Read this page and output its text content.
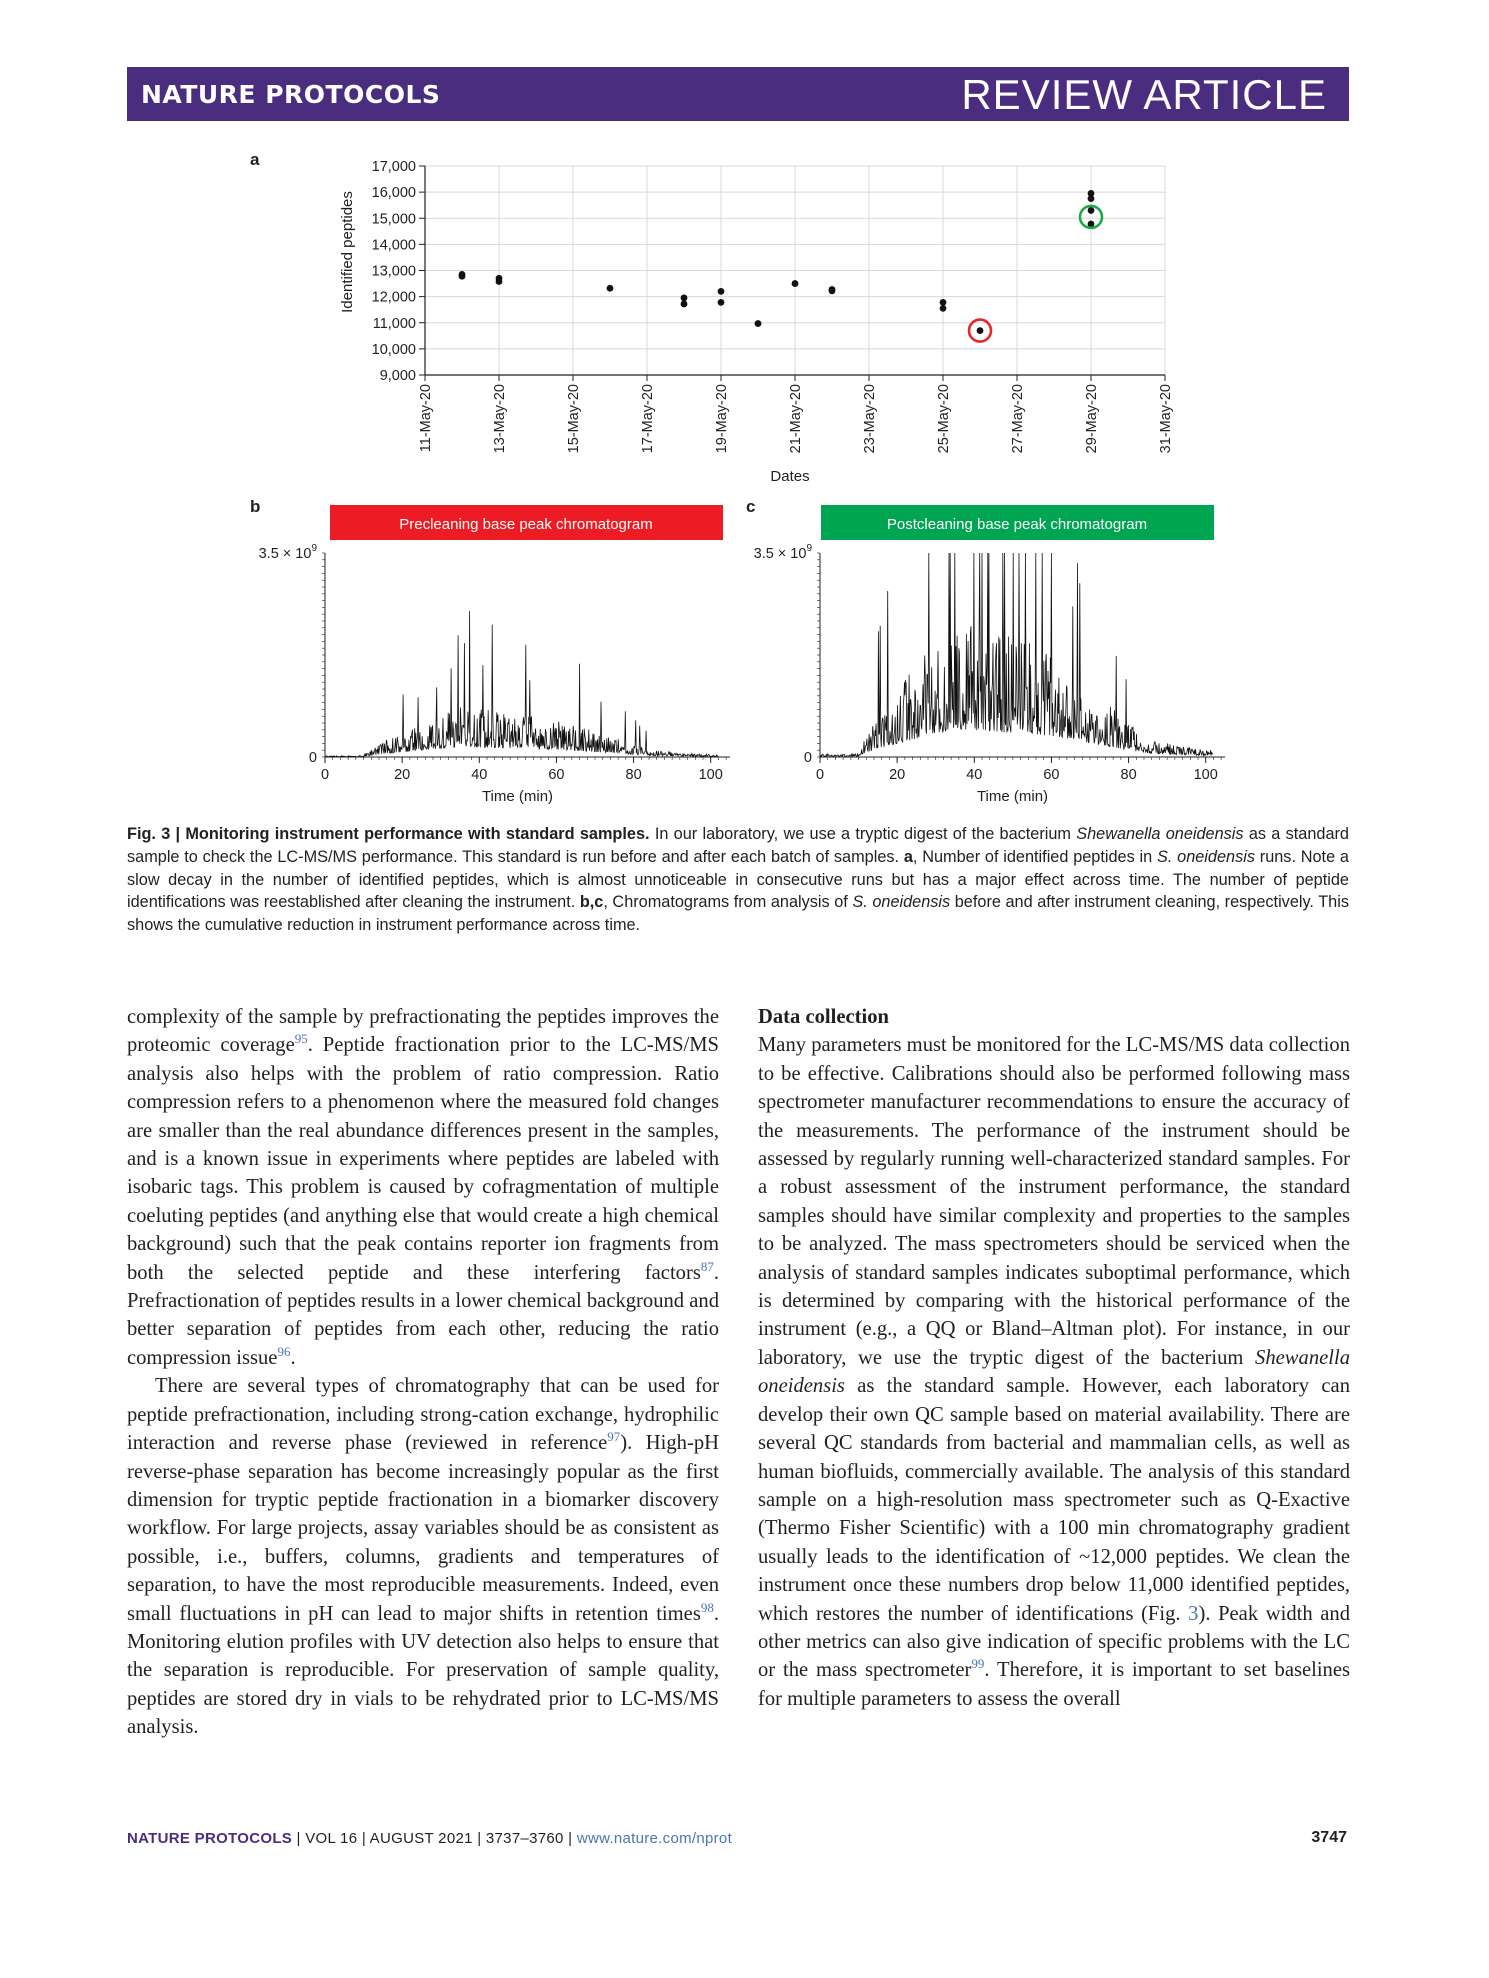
NATURE PROTOCOLS	REVIEW ARTICLE
a
b	c
9,000
10,000
11,000
12,000
13,000
14,000
15,000
16,000
17,000
11-May-20	13-May-20	15-May-20	17-May-20	19-May-20	21-May-20	23-May-20	25-May-20	27-May-20	29-May-20	31-May-20
Identified peptides
Dates
Precleaning base peak chromatogram
0	20	40	60	80	100
$3.5 \times 10^9$
0
Time (min)
Postcleaning base peak chromatogram
0	20	40	60	80	100
$3.5 \times 10^9$
0
Time (min)
Fig. 3 | Monitoring instrument performance with standard samples. In our laboratory, we use a tryptic digest of the bacterium Shewanella oneidensis as a standard sample to check the LC-MS/MS performance. This standard is run before and after each batch of samples. a, Number of identified peptides in S. oneidensis runs. Note a slow decay in the number of identified peptides, which is almost unnoticeable in consecutive runs but has a major effect across time. The number of peptide identifications was reestablished after cleaning the instrument. b,c, Chromatograms from analysis of S. oneidensis before and after instrument cleaning, respectively. This shows the cumulative reduction in instrument performance across time.

complexity of the sample by prefractionating the peptides improves the proteomic coverage$^{95}$. Peptide fractionation prior to the LC-MS/MS analysis also helps with the problem of ratio compression. Ratio compression refers to a phenomenon where the measured fold changes are smaller than the real abundance differences present in the samples, and is a known issue in experiments where peptides are labeled with isobaric tags. This problem is caused by cofragmentation of multiple coeluting peptides (and anything else that would create a high chemical background) such that the peak contains reporter ion fragments from both the selected peptide and these interfering factors$^{87}$. Prefractionation of peptides results in a lower chemical background and better separation of peptides from each other, reducing the ratio compression issue$^{96}$.

There are several types of chromatography that can be used for peptide prefractionation, including strong-cation exchange, hydrophilic interaction and reverse phase (reviewed in reference$^{97}$). High-pH reverse-phase separation has become increasingly popular as the first dimension for tryptic peptide fractionation in a biomarker discovery workflow. For large projects, assay variables should be as consistent as possible, i.e., buffers, columns, gradients and temperatures of separation, to have the most reproducible measurements. Indeed, even small fluctuations in pH can lead to major shifts in retention times$^{98}$. Monitoring elution profiles with UV detection also helps to ensure that the separation is reproducible. For preservation of sample quality, peptides are stored dry in vials to be rehydrated prior to LC-MS/MS analysis.

Data collection

Many parameters must be monitored for the LC-MS/MS data collection to be effective. Calibrations should also be performed following mass spectrometer manufacturer recommendations to ensure the accuracy of the measurements. The performance of the instrument should be assessed by regularly running well-characterized standard samples. For a robust assessment of the instrument performance, the standard samples should have similar complexity and properties to the samples to be analyzed. The mass spectrometers should be serviced when the analysis of standard samples indicates suboptimal performance, which is determined by comparing with the historical performance of the instrument (e.g., a QQ or Bland–Altman plot). For instance, in our laboratory, we use the tryptic digest of the bacterium Shewanella oneidensis as the standard sample. However, each laboratory can develop their own QC sample based on material availability. There are several QC standards from bacterial and mammalian cells, as well as human biofluids, commercially available. The analysis of this standard sample on a high-resolution mass spectrometer such as Q-Exactive (Thermo Fisher Scientific) with a 100 min chromatography gradient usually leads to the identification of ~12,000 peptides. We clean the instrument once these numbers drop below 11,000 identified peptides, which restores the number of identifications (Fig. 3). Peak width and other metrics can also give indication of specific problems with the LC or the mass spectrometer$^{99}$. Therefore, it is important to set baselines for multiple parameters to assess the overall

NATURE PROTOCOLS | VOL 16 | AUGUST 2021 | 3737–3760 | www.nature.com/nprot	3747
